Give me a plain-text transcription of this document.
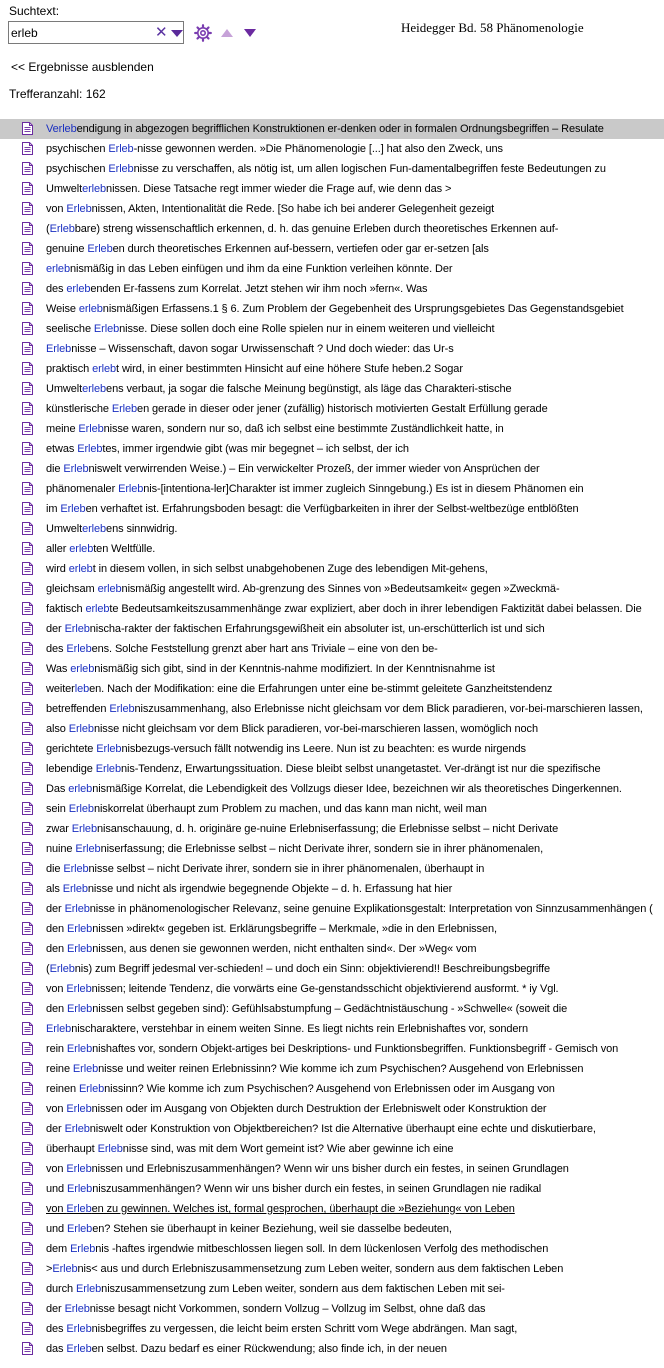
Suchtext:
erleb
✕	Heidegger Bd. 58 Phänomenologie
<< Ergebnisse ausblenden
Trefferanzahl: 162
Verlebendigung in abgezogen begrifflichen Konstruktionen er-denken oder in formalen Ordnungsbegriffen – Resulate
psychischen Erleb-nisse gewonnen werden. »Die Phänomenologie [...] hat also den Zweck, uns
psychischen Erlebnisse zu verschaffen, als nötig ist, um allen logischen Fun-damentalbegriffen feste Bedeutungen zu
Umwelterlebnissen. Diese Tatsache regt immer wieder die Frage auf, wie denn das >
von Erlebnissen, Akten, Intentionalität die Rede. [So habe ich bei anderer Gelegenheit gezeigt
(Erlebbare) streng wissenschaftlich erkennen, d. h. das genuine Erleben durch theoretisches Erkennen auf-
genuine Erleben durch theoretisches Erkennen auf-bessern, vertiefen oder gar er-setzen [als
erlebnismäßig in das Leben einfügen und ihm da eine Funktion verleihen könnte. Der
des erlebenden Er-fassens zum Korrelat. Jetzt stehen wir ihm noch »fern«. Was
Weise erlebnismäßigen Erfassens.1 § 6. Zum Problem der Gegebenheit des Ursprungsgebietes Das Gegenstandsgebiet
seelische Erlebnisse. Diese sollen doch eine Rolle spielen nur in einem weiteren und vielleicht
Erlebnisse – Wissenschaft, davon sogar Urwissenschaft ? Und doch wieder: das Ur-s
praktisch erlebt wird, in einer bestimmten Hinsicht auf eine höhere Stufe heben.2 Sogar
Umwelterlebens verbaut, ja sogar die falsche Meinung begünstigt, als läge das Charakteri-stische
künstlerische Erleben gerade in dieser oder jener (zufällig) historisch motivierten Gestalt Erfüllung gerade
meine Erlebnisse waren, sondern nur so, daß ich selbst eine bestimmte Zuständlichkeit hatte, in
etwas Erlebtes, immer irgendwie gibt (was mir begegnet – ich selbst, der ich
die Erlebniswelt verwirrenden Weise.) – Ein verwickelter Prozeß, der immer wieder von Ansprüchen der
phänomenaler Erlebnis-[intentiona-ler]Charakter ist immer zugleich Sinngebung.) Es ist in diesem Phänomen ein
im Erleben verhaftet ist. Erfahrungsboden besagt: die Verfügbarkeiten in ihrer der Selbst-weltbezüge entblößten
Umwelterlebens sinnwidrig.
aller erlebten Weltfülle.
wird erlebt in diesem vollen, in sich selbst unabgehobenen Zuge des lebendigen Mit-gehens,
gleichsam erlebnismäßig angestellt wird. Ab-grenzung des Sinnes von »Bedeutsamkeit« gegen »Zweckmä-
faktisch erlebte Bedeutsamkeitszusammenhänge zwar expliziert, aber doch in ihrer lebendigen Faktizität dabei belassen. Die
der Erlebnischa-rakter der faktischen Erfahrungsgewißheit ein absoluter ist, un-erschütterlich ist und sich
des Erlebens. Solche Feststellung grenzt aber hart ans Triviale – eine von den be-
Was erlebnismäßig sich gibt, sind in der Kenntnis-nahme modifiziert. In der Kenntnisnahme ist
weiterleben. Nach der Modifikation: eine die Erfahrungen unter eine be-stimmt geleitete Ganzheitstendenz
betreffenden Erlebniszusammenhang, also Erlebnisse nicht gleichsam vor dem Blick paradieren, vor-bei-marschieren lassen,
also Erlebnisse nicht gleichsam vor dem Blick paradieren, vor-bei-marschieren lassen, womöglich noch
gerichtete Erlebnisbezugs-versuch fällt notwendig ins Leere. Nun ist zu beachten: es wurde nirgends
lebendige Erlebnis-Tendenz, Erwartungssituation. Diese bleibt selbst unangetastet. Ver-drängt ist nur die spezifische
Das erlebnismäßige Korrelat, die Lebendigkeit des Vollzugs dieser Idee, bezeichnen wir als theoretisches Dingerkennen.
sein Erlebniskorrelat überhaupt zum Problem zu machen, und das kann man nicht, weil man
zwar Erlebnisanschauung, d. h. originäre ge-nuine Erlebniserfassung; die Erlebnisse selbst – nicht Derivate
nuine Erlebniserfassung; die Erlebnisse selbst – nicht Derivate ihrer, sondern sie in ihrer phänomenalen,
die Erlebnisse selbst – nicht Derivate ihrer, sondern sie in ihrer phänomenalen, überhaupt in
als Erlebnisse und nicht als irgendwie begegnende Objekte – d. h. Erfassung hat hier
der Erlebnisse in phänomenologischer Relevanz, seine genuine Explikationsgestalt: Interpretation von Sinnzusammenhängen (
den Erlebnissen »direkt« gegeben ist. Erklärungsbegriffe – Merkmale, »die in den Erlebnissen,
den Erlebnissen, aus denen sie gewonnen werden, nicht enthalten sind«. Der »Weg« vom
(Erlebnis) zum Begriff jedesmal ver-schieden! – und doch ein Sinn: objektivierend!! Beschreibungsbegriffe
von Erlebnissen; leitende Tendenz, die vorwärts eine Ge-genstandsschicht objektivierend ausformt. * iy Vgl.
den Erlebnissen selbst gegeben sind): Gefühlsabstumpfung – Gedächtnistäuschung - »Schwelle« (soweit die
Erlebnischaraktere, verstehbar in einem weiten Sinne. Es liegt nichts rein Erlebnishaftes vor, sondern
rein Erlebnishaftes vor, sondern Objekt-artiges bei Deskriptions- und Funktionsbegriffen. Funktionsbegriff - Gemisch von
reine Erlebnisse und weiter reinen Erlebnissinn? Wie komme ich zum Psychischen? Ausgehend von Erlebnissen
reinen Erlebnissinn? Wie komme ich zum Psychischen? Ausgehend von Erlebnissen oder im Ausgang von
von Erlebnissen oder im Ausgang von Objekten durch Destruktion der Erlebniswelt oder Konstruktion der
der Erlebniswelt oder Konstruktion von Objektbereichen? Ist die Alternative überhaupt eine echte und diskutierbare,
überhaupt Erlebnisse sind, was mit dem Wort gemeint ist? Wie aber gewinne ich eine
von Erlebnissen und Erlebniszusammenhängen? Wenn wir uns bisher durch ein festes, in seinen Grundlagen
und Erlebniszusammenhängen? Wenn wir uns bisher durch ein festes, in seinen Grundlagen nie radikal
von Erleben zu gewinnen. Welches ist, formal gesprochen, überhaupt die »Beziehung« von Leben
und Erleben? Stehen sie überhaupt in keiner Beziehung, weil sie dasselbe bedeuten,
dem Erlebnis -haftes irgendwie mitbeschlossen liegen soll. In dem lückenlosen Verfolg des methodischen
>Erlebnis< aus und durch Erlebniszusammensetzung zum Leben weiter, sondern aus dem faktischen Leben
durch Erlebniszusammensetzung zum Leben weiter, sondern aus dem faktischen Leben mit sei-
der Erlebnisse besagt nicht Vorkommen, sondern Vollzug – Vollzug im Selbst, ohne daß das
des Erlebnisbegriffes zu vergessen, die leicht beim ersten Schritt vom Wege abdrängen. Man sagt,
das Erleben selbst. Dazu bedarf es einer Rückwendung; also finde ich, in der neuen
